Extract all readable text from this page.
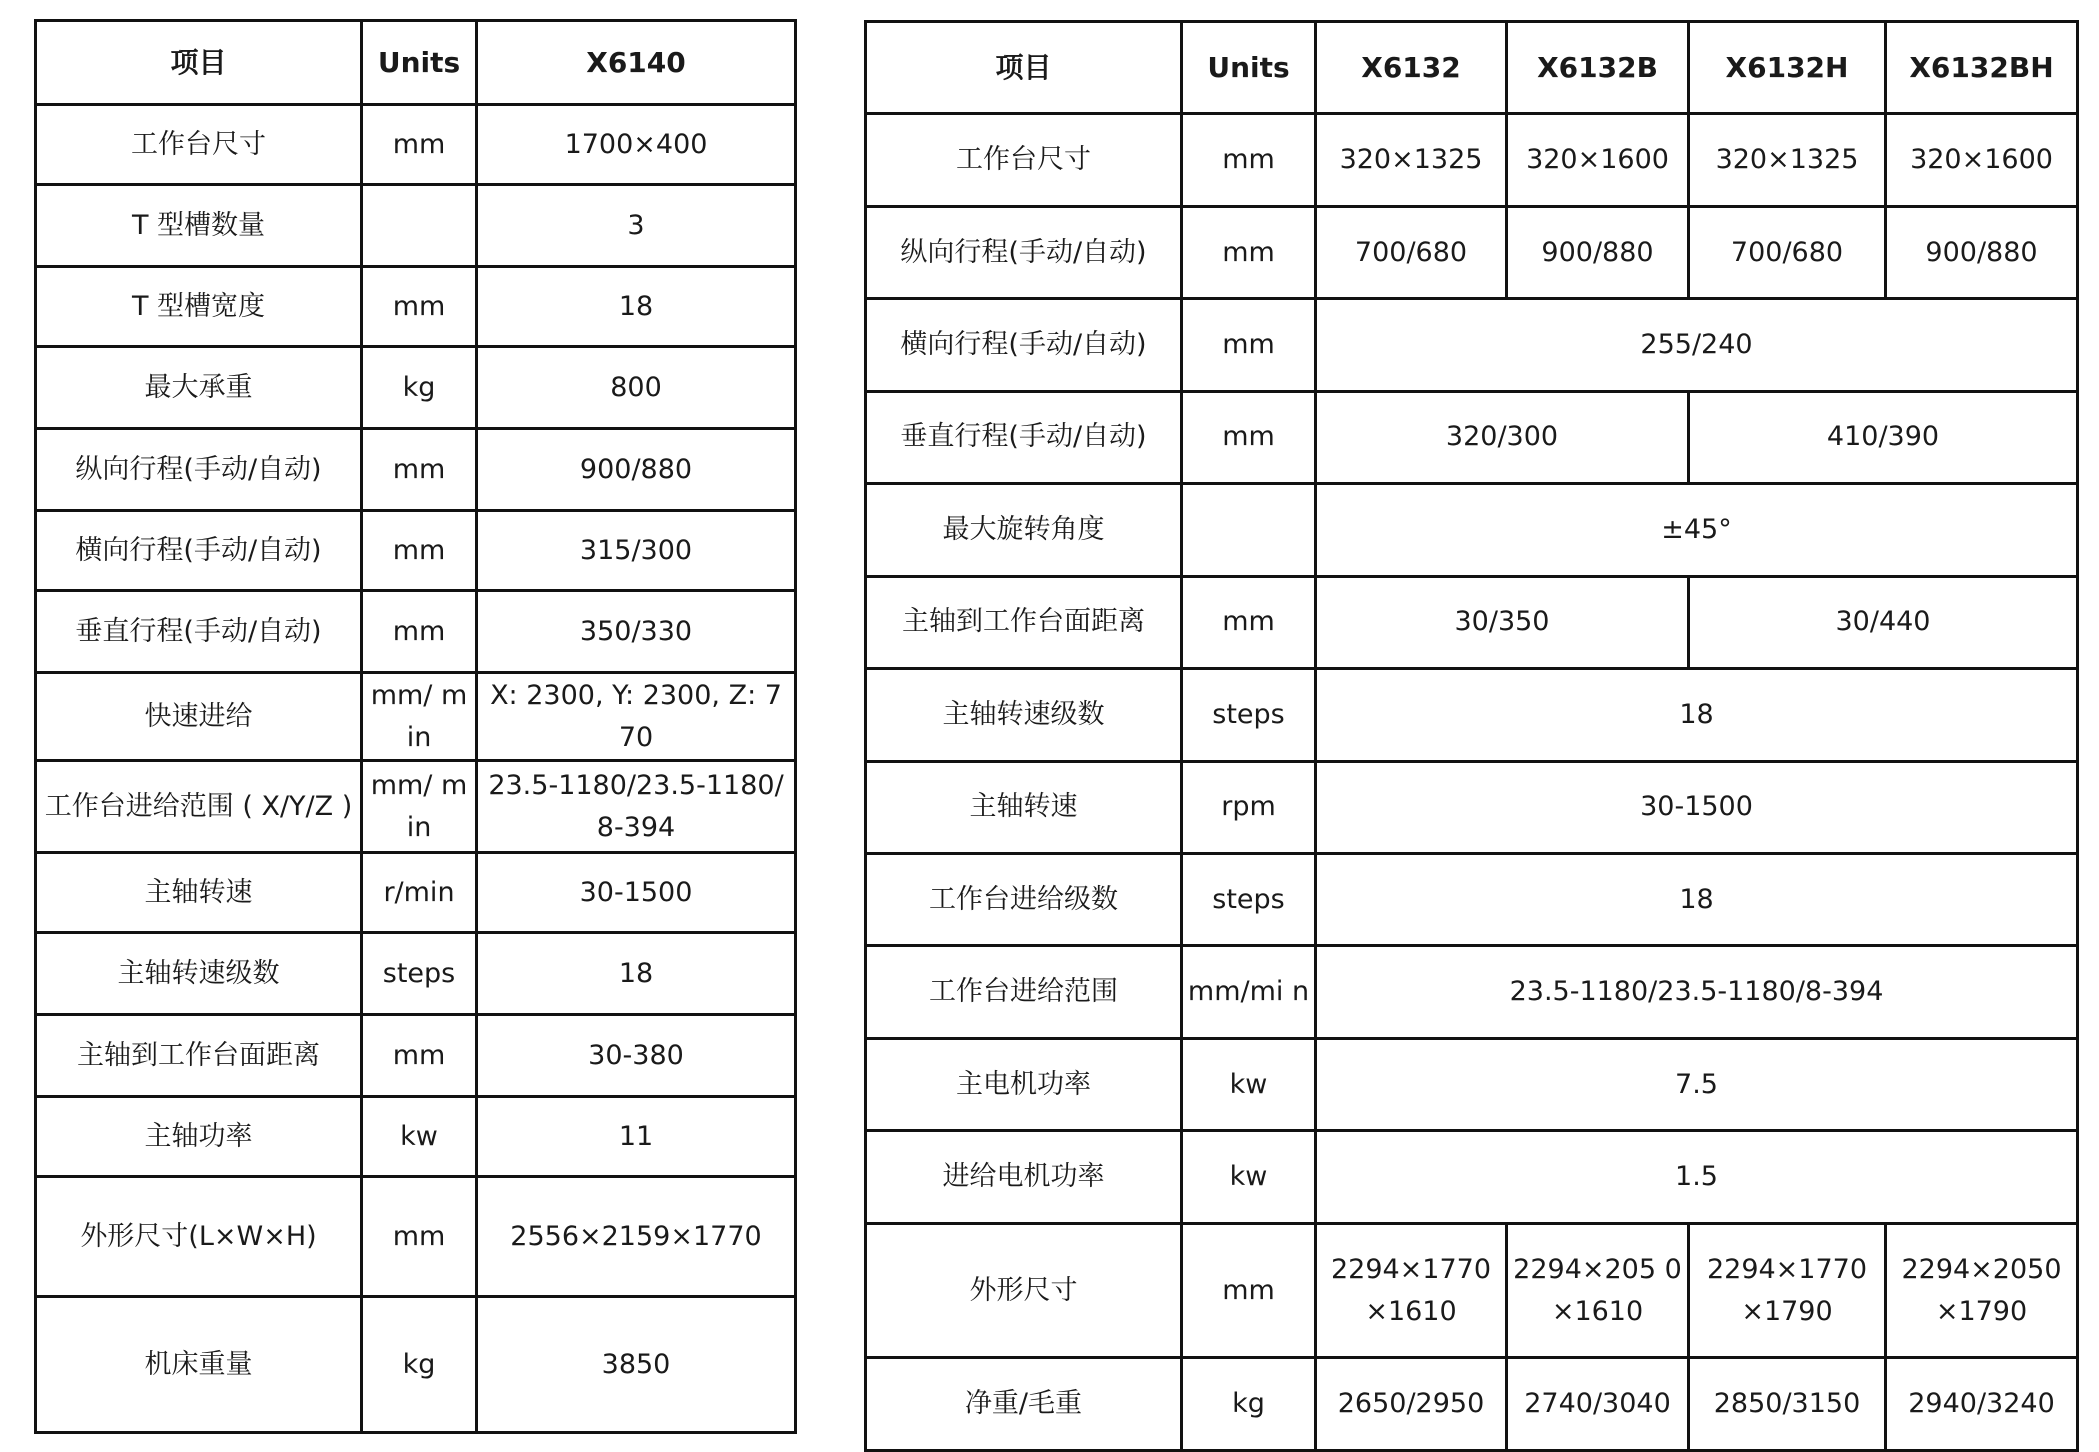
项目	Units	X6140
工作台尺寸	mm	1700×400
T 型槽数量		3
T 型槽宽度	mm	18
最大承重	kg	800
纵向行程(手动/自动)	mm	900/880
横向行程(手动/自动)	mm	315/300
垂直行程(手动/自动)	mm	350/330
快速进给	mm/ min	X: 2300, Y: 2300, Z: 770
工作台进给范围 ( X/Y/Z )	mm/ min	23.5-1180/23.5-1180/ 8-394
主轴转速	r/min	30-1500
主轴转速级数	steps	18
主轴到工作台面距离	mm	30-380
主轴功率	kw	11
外形尺寸(L×W×H)	mm	2556×2159×1770
机床重量	kg	3850
项目	Units	X6132	X6132B	X6132H	X6132BH
工作台尺寸	mm	320×1325	320×1600	320×1325	320×1600
纵向行程(手动/自动)	mm	700/680	900/880	700/680	900/880
横向行程(手动/自动)	mm	255/240			
垂直行程(手动/自动)	mm	320/300		410/390	
最大旋转角度		±45°			
主轴到工作台面距离	mm	30/350		30/440	
主轴转速级数	steps	18			
主轴转速	rpm	30-1500			
工作台进给级数	steps	18			
工作台进给范围	mm/mi n	23.5-1180/23.5-1180/8-394			
主电机功率	kw	7.5			
进给电机功率	kw	1.5			
外形尺寸	mm	2294×1770 ×1610	2294×205 0 ×1610	2294×1770 ×1790	2294×2050 ×1790
净重/毛重	kg	2650/2950	2740/3040	2850/3150	2940/3240
